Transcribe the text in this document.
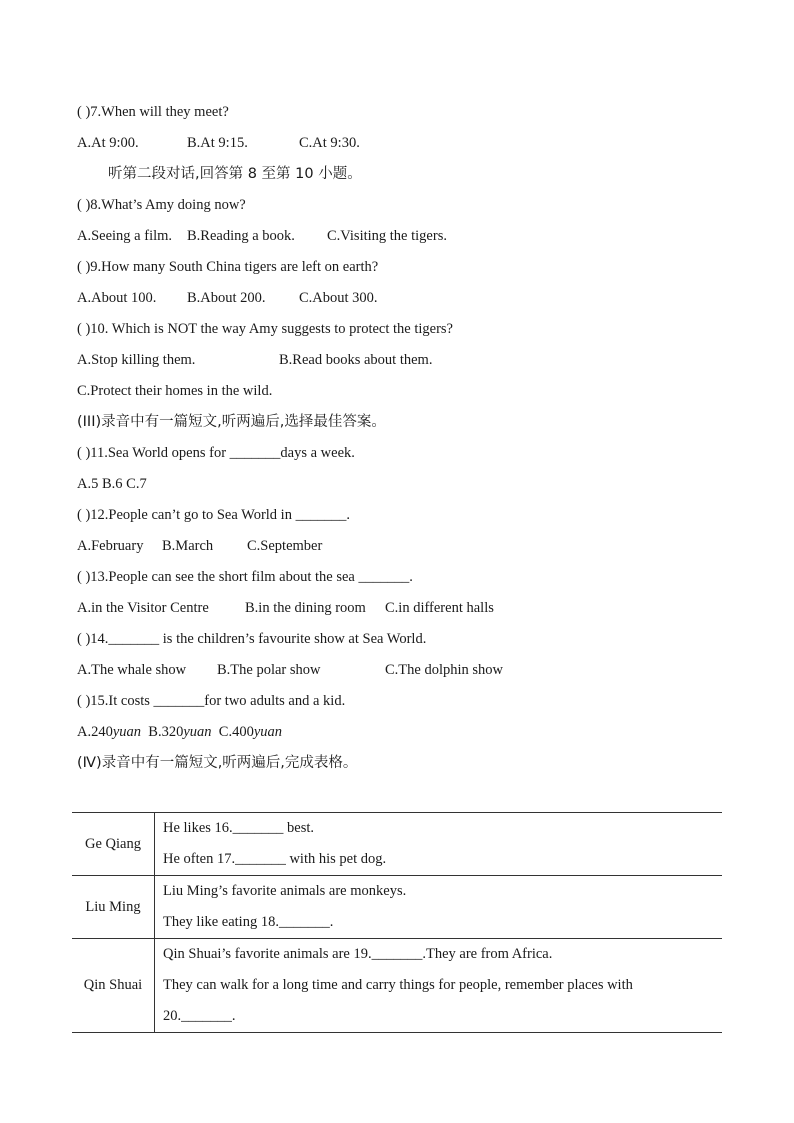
( )7.When will they meet?
A.At 9:00.	B.At 9:15.	C.At 9:30.
听第二段对话,回答第 8 至第 10 小题。
( )8.What’s Amy doing now?
A.Seeing a film. B.Reading a book. C.Visiting the tigers.
( )9.How many South China tigers are left on earth?
A.About 100. B.About 200. C.About 300.
( )10. Which is NOT the way Amy suggests to protect the tigers?
A.Stop killing them.	B.Read books about them.
C.Protect their homes in the wild.
(III)录音中有一篇短文,听两遍后,选择最佳答案。
( )11.Sea World opens for _______days a week.
A.5 B.6 C.7
( )12.People can’t go to Sea World in _______.
A.February B.March C.September
( )13.People can see the short film about the sea _______.
A.in the Visitor Centre B.in the dining room C.in different halls
( )14._______ is the children’s favourite show at Sea World.
A.The whale show B.The polar show	C.The dolphin show
( )15.It costs _______for two adults and a kid.
A.240yuan B.320yuan C.400yuan
(Ⅳ)录音中有一篇短文,听两遍后,完成表格。
Ge Qiang	He likes 16._______ best.
He often 17._______ with his pet dog.

Liu Ming	Liu Ming’s favorite animals are monkeys.
They like eating 18._______.

Qin Shuai	Qin Shuai’s favorite animals are 19._______.They are from Africa.
They can walk for a long time and carry things for people, remember places with
20._______.
